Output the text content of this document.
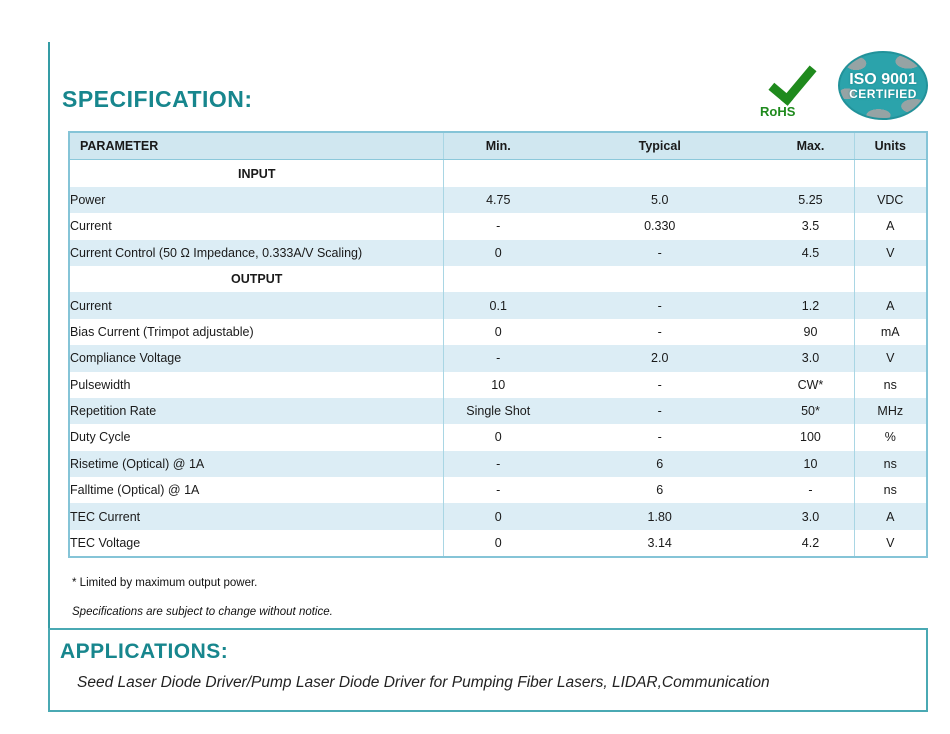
SPECIFICATION:	RoHS
ISO 9001
CERTIFIED
PARAMETER	Min.	Typical	Max.	Units
INPUT				
Power	4.75	5.0	5.25	VDC
Current	-	0.330	3.5	A
Current Control (50 Ω Impedance, 0.333A/V Scaling)	0	-	4.5	V
OUTPUT				
Current	0.1	-	1.2	A
Bias Current (Trimpot adjustable)	0	-	90	mA
Compliance Voltage	-	2.0	3.0	V
Pulsewidth	10	-	CW*	ns
Repetition Rate	Single Shot	-	50*	MHz
Duty Cycle	0	-	100	%
Risetime (Optical) @ 1A	-	6	10	ns
Falltime (Optical) @ 1A	-	6	-	ns
TEC Current	0	1.80	3.0	A
TEC Voltage	0	3.14	4.2	V
* Limited by maximum output power.
Specifications are subject to change without notice.
APPLICATIONS:
Seed Laser Diode Driver/Pump Laser Diode Driver for Pumping Fiber Lasers, LIDAR,Communication
